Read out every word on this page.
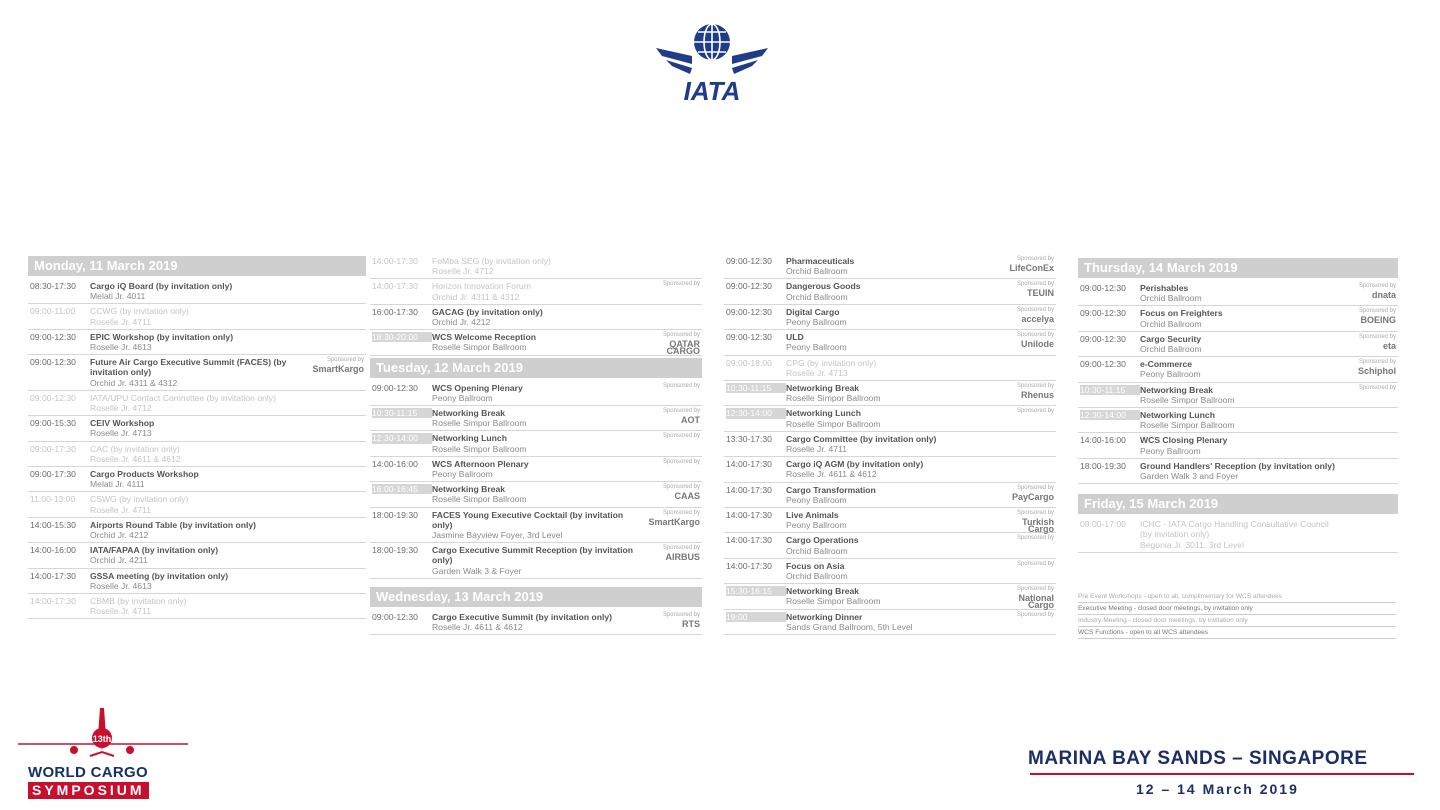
IATA
Monday, 11 March 2019
08:30-17:30	Cargo iQ Board (by invitation only)
Melati Jr. 4011
09:00-11:00	CCWG (by invitation only)
Roselle Jr. 4711
09:00-12:30	EPIC Workshop (by invitation only)
Roselle Jr. 4613
09:00-12:30	Future Air Cargo Executive Summit (FACES) (by invitation only)
Orchid Jr. 4311 & 4312
Sponsored by
SmartKargo
09:00-12:30	IATA/UPU Contact Committee (by invitation only)
Roselle Jr. 4712
09:00-15:30	CEIV Workshop
Roselle Jr. 4713
09:00-17:30	CAC (by invitation only)
Roselle Jr. 4611 & 4612
09:00-17:30	Cargo Products Workshop
Melati Jr. 4111
11:00-13:00	CSWG (by invitation only)
Roselle Jr. 4711
14:00-15:30	Airports Round Table (by invitation only)
Orchid Jr. 4212
14:00-16:00	IATA/FAPAA (by invitation only)
Orchid Jr. 4211
14:00-17:30	GSSA meeting (by invitation only)
Roselle Jr. 4613
14:00-17:30	CBMB (by invitation only)
Roselle Jr. 4711
14:00-17:30	FoMba SEG (by invitation only)
Roselle Jr. 4712
14:00-17:30	Horizon Innovation Forum
Orchid Jr. 4311 & 4312
Sponsored by
16:00-17:30	GACAG (by invitation only)
Orchid Jr. 4212
18:30-20:00	WCS Welcome Reception
Roselle Simpor Ballroom
Sponsored by
QATAR CARGO
Tuesday, 12 March 2019
09:00-12:30	WCS Opening Plenary
Peony Ballroom
Sponsored by
10:30-11:15	Networking Break
Roselle Simpor Ballroom
Sponsored by
AOT
12:30-14:00	Networking Lunch
Roselle Simpor Ballroom
Sponsored by
14:00-16:00	WCS Afternoon Plenary
Peony Ballroom
Sponsored by
16:00-16:45	Networking Break
Roselle Simpor Ballroom
Sponsored by
CAAS
18:00-19:30	FACES Young Executive Cocktail (by invitation only)
Jasmine Bayview Foyer, 3rd Level
Sponsored by
SmartKargo
18:00-19:30	Cargo Executive Summit Reception (by invitation only)
Garden Walk 3 & Foyer
Sponsored by
AIRBUS
Wednesday, 13 March 2019
09:00-12:30	Cargo Executive Summit (by invitation only)
Roselle Jr. 4611 & 4612
Sponsored by
RTS
09:00-12:30	Pharmaceuticals
Orchid Ballroom
Sponsored by
LifeConEx
09:00-12:30	Dangerous Goods
Orchid Ballroom
Sponsored by
TEUIN
09:00-12:30	Digital Cargo
Peony Ballroom
Sponsored by
accelya
09:00-12:30	ULD
Peony Ballroom
Sponsored by
Unilode
09:00-18:00	CPG (by invitation only)
Roselle Jr. 4713
10:30-11:15	Networking Break
Roselle Simpor Ballroom
Sponsored by
Rhenus
12:30-14:00	Networking Lunch
Roselle Simpor Ballroom
Sponsored by
13:30-17:30	Cargo Committee (by invitation only)
Roselle Jr. 4711
14:00-17:30	Cargo iQ AGM (by invitation only)
Roselle Jr. 4611 & 4612
14:00-17:30	Cargo Transformation
Peony Ballroom
Sponsored by
PayCargo
14:00-17:30	Live Animals
Peony Ballroom
Sponsored by
Turkish Cargo
14:00-17:30	Cargo Operations
Orchid Ballroom
Sponsored by
14:00-17:30	Focus on Asia
Orchid Ballroom
Sponsored by
15:30-16:15	Networking Break
Roselle Simpor Ballroom
Sponsored by
National Cargo
19:00	Networking Dinner
Sands Grand Ballroom, 5th Level
Sponsored by
Thursday, 14 March 2019
09:00-12:30	Perishables
Orchid Ballroom
Sponsored by
dnata
09:00-12:30	Focus on Freighters
Orchid Ballroom
Sponsored by
BOEING
09:00-12:30	Cargo Security
Orchid Ballroom
Sponsored by
eta
09:00-12:30	e-Commerce
Peony Ballroom
Sponsored by
Schiphol
10:30-11:15	Networking Break
Roselle Simpor Ballroom
Sponsored by
12:30-14:00	Networking Lunch
Roselle Simpor Ballroom
14:00-16:00	WCS Closing Plenary
Peony Ballroom
18:00-19:30	Ground Handlers' Reception (by invitation only)
Garden Walk 3 and Foyer
Friday, 15 March 2019
09:00-17:00	ICHC - IATA Cargo Handling Consultative Council (by invitation only)
Begonia Jr. 3011, 3rd Level
Pre Event Workshops - open to all, complimentary for WCS attendees
Executive Meeting - closed door meetings, by invitation only
Industry Meeting - closed door meetings, by invitation only
WCS Functions - open to all WCS attendees
13th
WORLD CARGO
SYMPOSIUM
MARINA BAY SANDS – SINGAPORE
12 – 14 March 2019
